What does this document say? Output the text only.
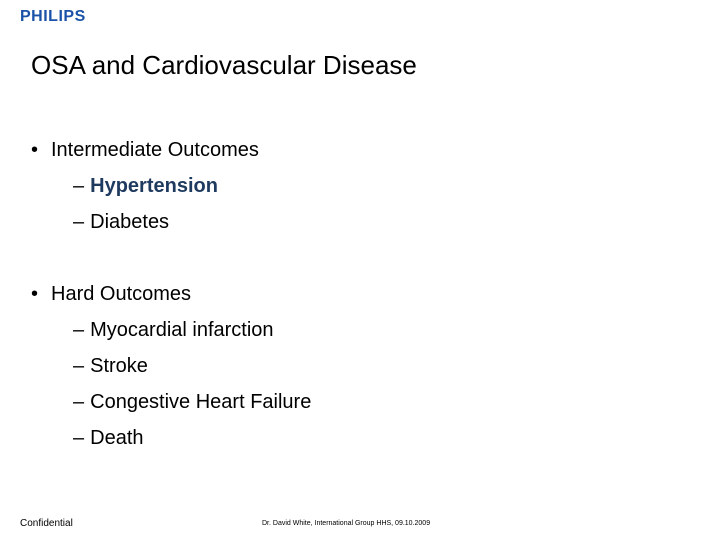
PHILIPS
OSA and Cardiovascular Disease
• Intermediate Outcomes
– Hypertension
– Diabetes
• Hard Outcomes
– Myocardial infarction
– Stroke
– Congestive Heart Failure
– Death
Confidential	Dr. David White, International Group HHS, 09.10.2009
